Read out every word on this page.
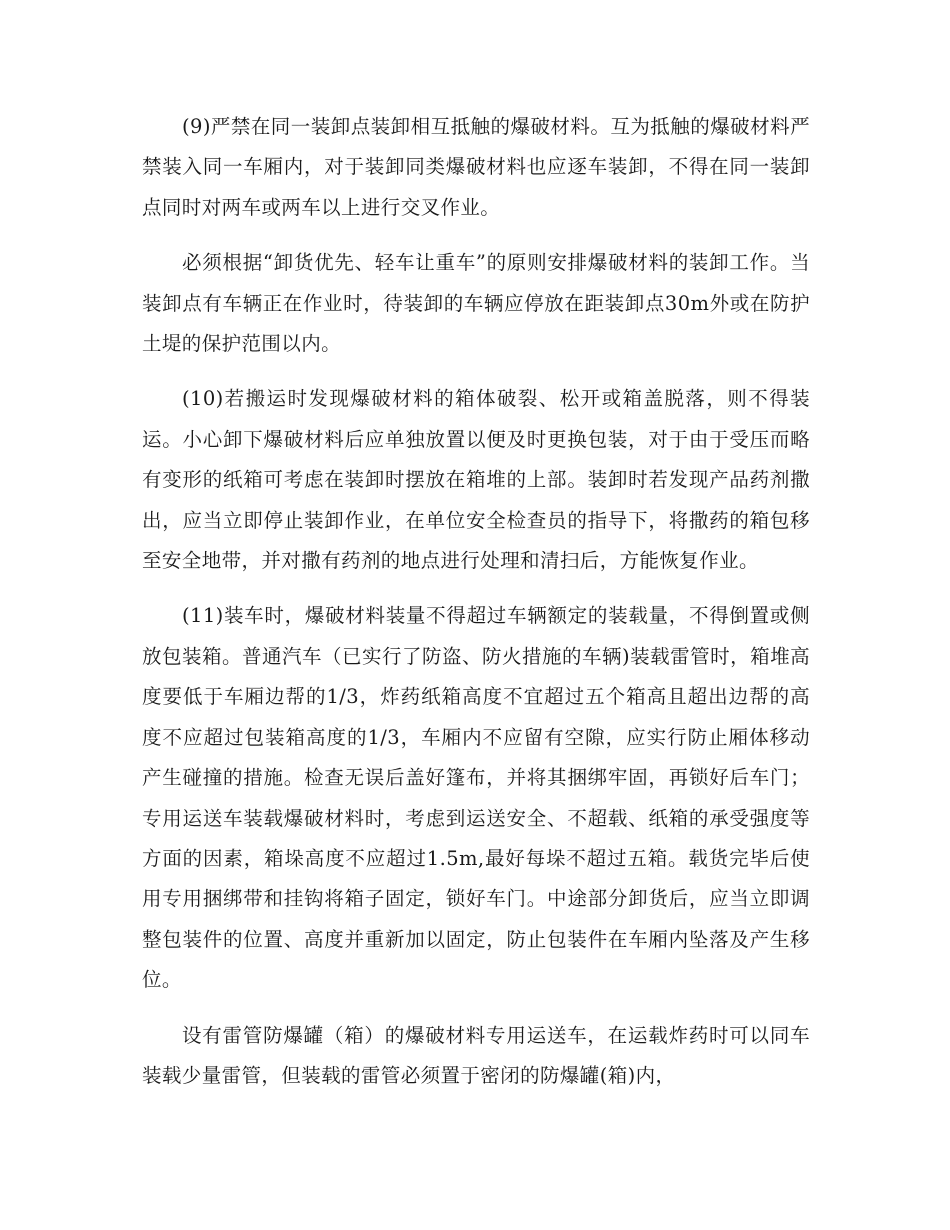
(9)严禁在同一装卸点装卸相互抵触的爆破材料。互为抵触的爆破材料严禁装入同一车厢内，对于装卸同类爆破材料也应逐车装卸，不得在同一装卸点同时对两车或两车以上进行交叉作业。

必须根据“卸货优先、轻车让重车”的原则安排爆破材料的装卸工作。当装卸点有车辆正在作业时，待装卸的车辆应停放在距装卸点30m外或在防护土堤的保护范围以内。

(10)若搬运时发现爆破材料的箱体破裂、松开或箱盖脱落，则不得装运。小心卸下爆破材料后应单独放置以便及时更换包装，对于由于受压而略有变形的纸箱可考虑在装卸时摆放在箱堆的上部。装卸时若发现产品药剂撒出，应当立即停止装卸作业，在单位安全检查员的指导下，将撒药的箱包移至安全地带，并对撒有药剂的地点进行处理和清扫后，方能恢复作业。

(11)装车时，爆破材料装量不得超过车辆额定的装载量，不得倒置或侧放包装箱。普通汽车（已实行了防盗、防火措施的车辆)装载雷管时，箱堆高度要低于车厢边帮的1/3，炸药纸箱高度不宜超过五个箱高且超出边帮的高度不应超过包装箱高度的1/3，车厢内不应留有空隙，应实行防止厢体移动产生碰撞的措施。检查无误后盖好篷布，并将其捆绑牢固，再锁好后车门；专用运送车装载爆破材料时，考虑到运送安全、不超载、纸箱的承受强度等方面的因素，箱垛高度不应超过1.5m,最好每垛不超过五箱。载货完毕后使用专用捆绑带和挂钩将箱子固定，锁好车门。中途部分卸货后，应当立即调整包装件的位置、高度并重新加以固定，防止包装件在车厢内坠落及产生移位。

设有雷管防爆罐（箱）的爆破材料专用运送车，在运载炸药时可以同车装载少量雷管，但装载的雷管必须置于密闭的防爆罐(箱)内，
